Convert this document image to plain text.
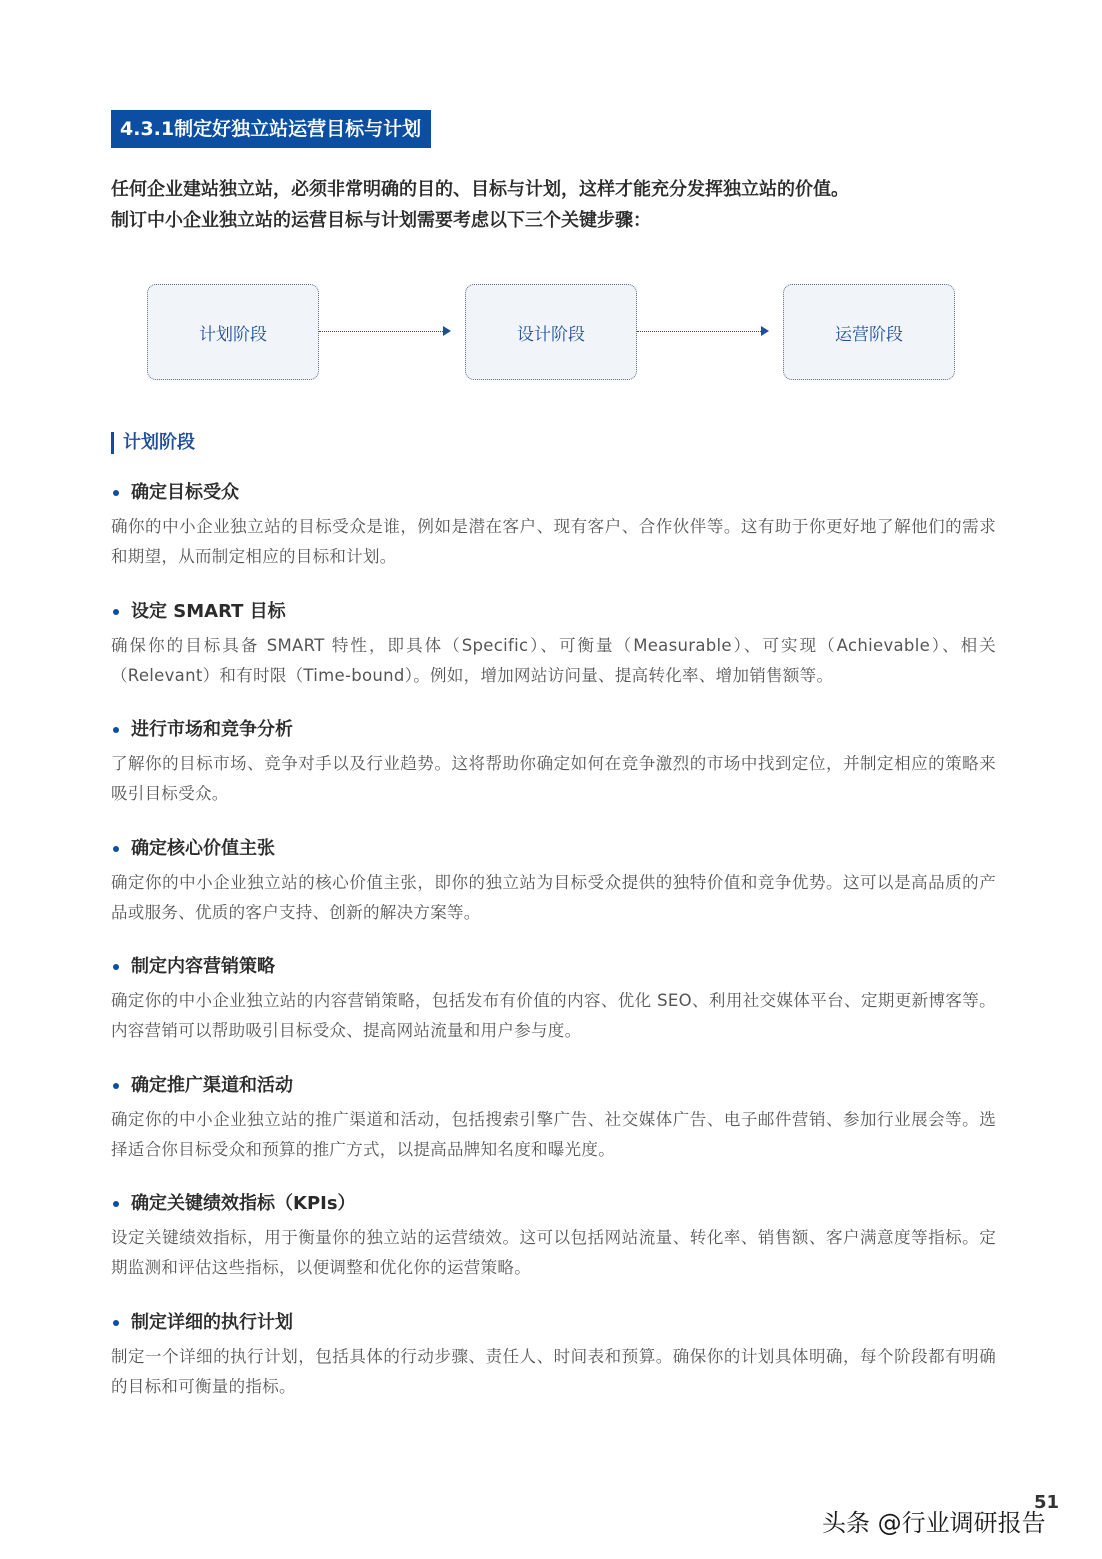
4.3.1制定好独立站运营目标与计划
任何企业建站独立站，必须非常明确的目的、目标与计划，这样才能充分发挥独立站的价值。
制订中小企业独立站的运营目标与计划需要考虑以下三个关键步骤：
计划阶段	设计阶段	运营阶段
计划阶段
确定目标受众
确你的中小企业独立站的目标受众是谁，例如是潜在客户、现有客户、合作伙伴等。这有助于你更好地了解他们的需求和期望，从而制定相应的目标和计划。
设定 SMART 目标
确保你的目标具备 SMART 特性，即具体（Specific）、可衡量（Measurable）、可实现（Achievable）、相关（Relevant）和有时限（Time-bound）。例如，增加网站访问量、提高转化率、增加销售额等。
进行市场和竞争分析
了解你的目标市场、竞争对手以及行业趋势。这将帮助你确定如何在竞争激烈的市场中找到定位，并制定相应的策略来吸引目标受众。
确定核心价值主张
确定你的中小企业独立站的核心价值主张，即你的独立站为目标受众提供的独特价值和竞争优势。这可以是高品质的产品或服务、优质的客户支持、创新的解决方案等。
制定内容营销策略
确定你的中小企业独立站的内容营销策略，包括发布有价值的内容、优化 SEO、利用社交媒体平台、定期更新博客等。内容营销可以帮助吸引目标受众、提高网站流量和用户参与度。
确定推广渠道和活动
确定你的中小企业独立站的推广渠道和活动，包括搜索引擎广告、社交媒体广告、电子邮件营销、参加行业展会等。选择适合你目标受众和预算的推广方式，以提高品牌知名度和曝光度。
确定关键绩效指标（KPIs）
设定关键绩效指标，用于衡量你的独立站的运营绩效。这可以包括网站流量、转化率、销售额、客户满意度等指标。定期监测和评估这些指标，以便调整和优化你的运营策略。
制定详细的执行计划
制定一个详细的执行计划，包括具体的行动步骤、责任人、时间表和预算。确保你的计划具体明确，每个阶段都有明确的目标和可衡量的指标。
51
头条 @行业调研报告
